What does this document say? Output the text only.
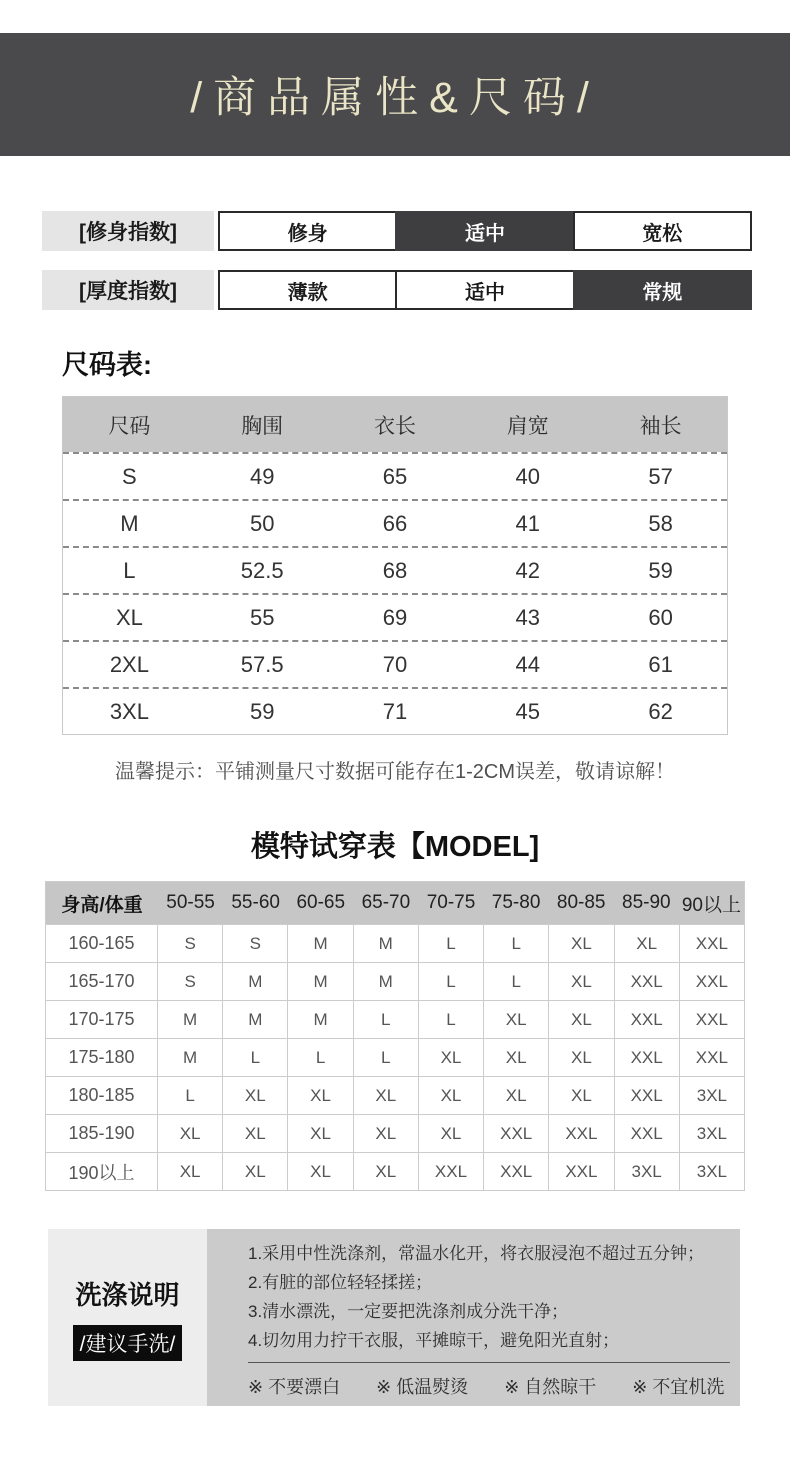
/商品属性&尺码/
[修身指数]	修身	适中	宽松
[厚度指数]	薄款	适中	常规
尺码表:
尺码	胸围	衣长	肩宽	袖长
S	49	65	40	57
M	50	66	41	58
L	52.5	68	42	59
XL	55	69	43	60
2XL	57.5	70	44	61
3XL	59	71	45	62

温馨提示：平铺测量尺寸数据可能存在1-2CM误差，敬请谅解！

模特试穿表【MODEL]
身高/体重	50-55 55-60 60-65 65-70 70-75 75-80 80-85 85-90 90以上
160-165	S	S	M	M	L	L	XL	XL	XXL
165-170	S	M	M	M	L	L	XL	XXL	XXL
170-175	M	M	M	L	L	XL	XL	XXL	XXL
175-180	M	L	L	L	XL	XL	XL	XXL	XXL
180-185	L	XL	XL	XL	XL	XL	XL	XXL	3XL
185-190	XL	XL	XL	XL	XL	XXL	XXL	XXL	3XL
190以上	XL	XL	XL	XL	XXL	XXL	XXL	3XL	3XL
洗涤说明
/建议手洗/
1.采用中性洗涤剂，常温水化开，将衣服浸泡不超过五分钟；
2.有脏的部位轻轻揉搓；
3.清水漂洗，一定要把洗涤剂成分洗干净；
4.切勿用力拧干衣服，平摊晾干，避免阳光直射；
※ 不要漂白 ※ 低温熨烫 ※ 自然晾干 ※ 不宜机洗
